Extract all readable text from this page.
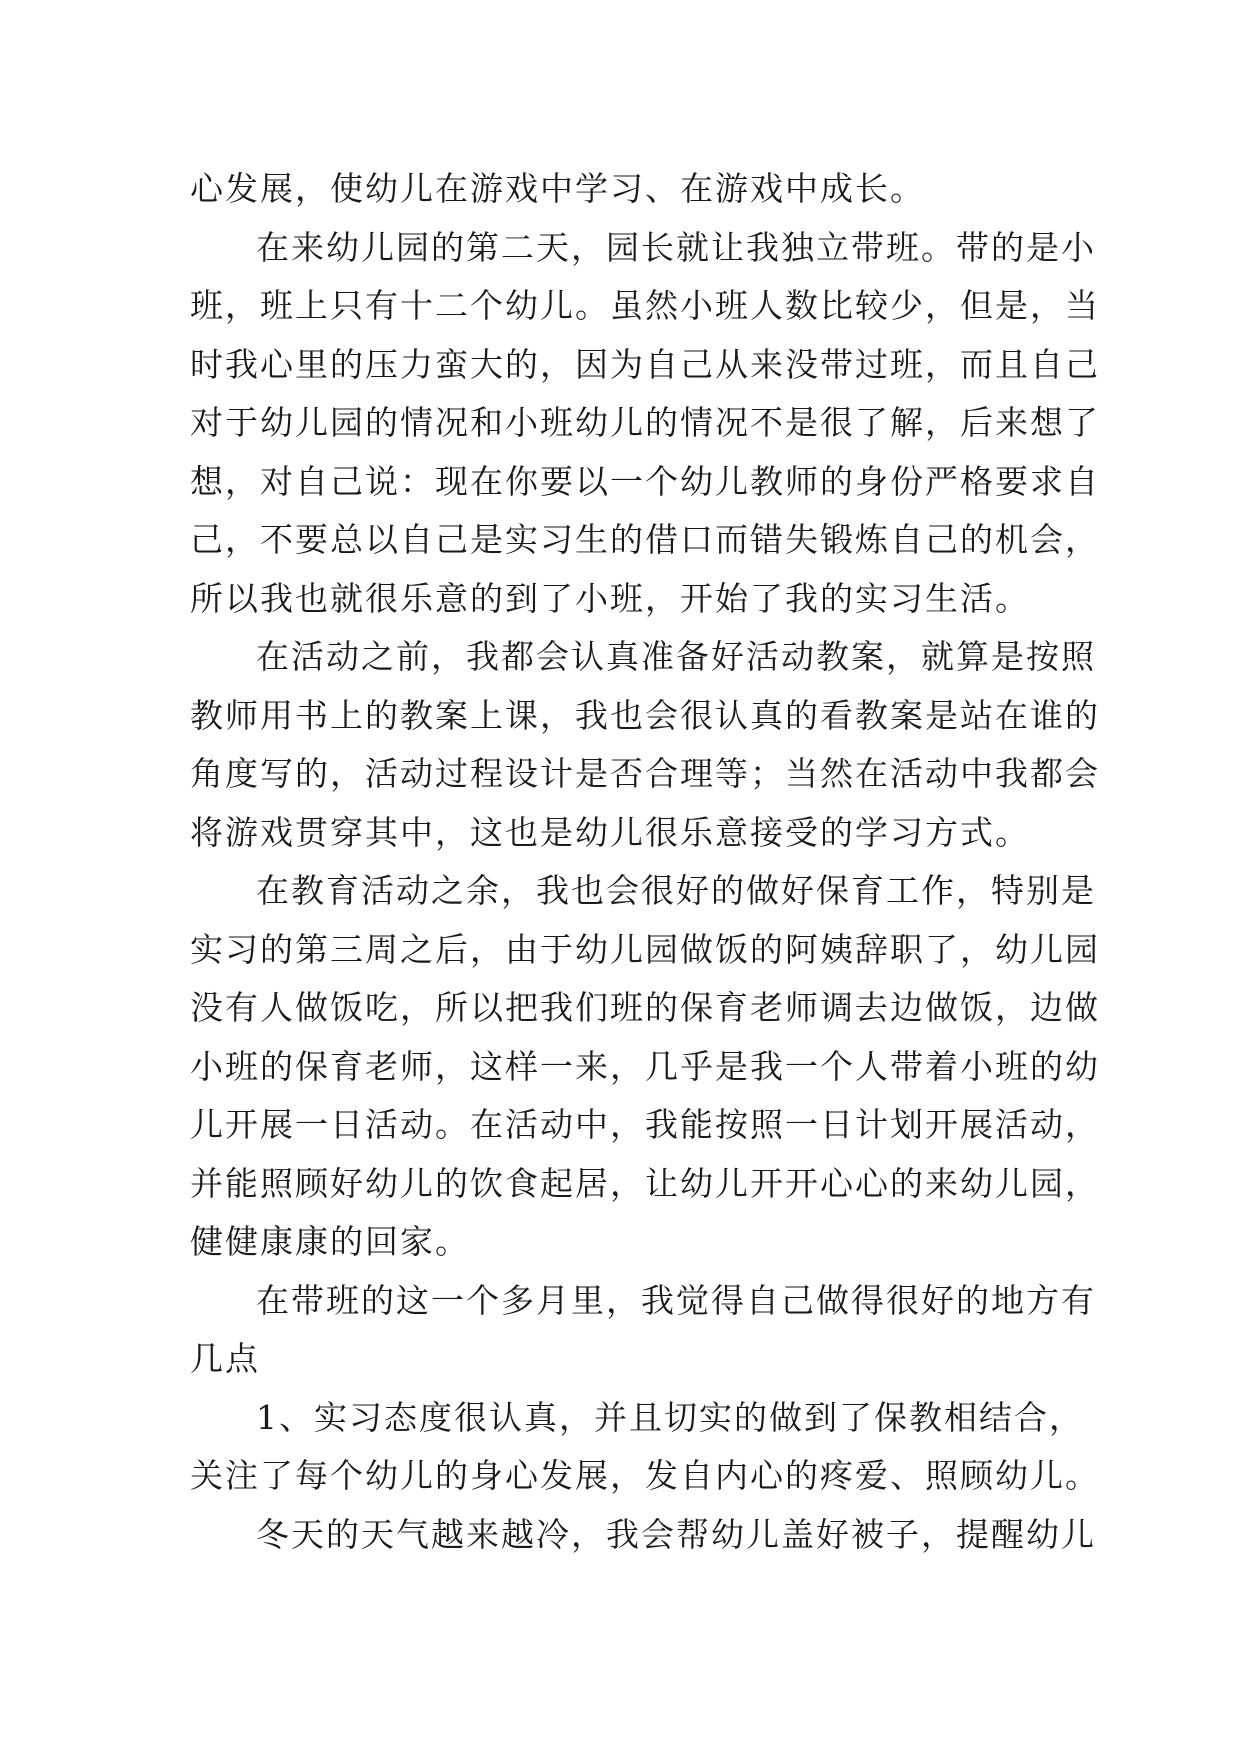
心发展，使幼儿在游戏中学习、在游戏中成长。
在来幼儿园的第二天，园长就让我独立带班。带的是小
班，班上只有十二个幼儿。虽然小班人数比较少，但是，当
时我心里的压力蛮大的，因为自己从来没带过班，而且自己
对于幼儿园的情况和小班幼儿的情况不是很了解，后来想了
想，对自己说：现在你要以一个幼儿教师的身份严格要求自
己，不要总以自己是实习生的借口而错失锻炼自己的机会，
所以我也就很乐意的到了小班，开始了我的实习生活。
在活动之前，我都会认真准备好活动教案，就算是按照
教师用书上的教案上课，我也会很认真的看教案是站在谁的
角度写的，活动过程设计是否合理等；当然在活动中我都会
将游戏贯穿其中，这也是幼儿很乐意接受的学习方式。
在教育活动之余，我也会很好的做好保育工作，特别是
实习的第三周之后，由于幼儿园做饭的阿姨辞职了，幼儿园
没有人做饭吃，所以把我们班的保育老师调去边做饭，边做
小班的保育老师，这样一来，几乎是我一个人带着小班的幼
儿开展一日活动。在活动中，我能按照一日计划开展活动，
并能照顾好幼儿的饮食起居，让幼儿开开心心的来幼儿园，
健健康康的回家。
在带班的这一个多月里，我觉得自己做得很好的地方有
几点
1、实习态度很认真，并且切实的做到了保教相结合，
关注了每个幼儿的身心发展，发自内心的疼爱、照顾幼儿。
冬天的天气越来越冷，我会帮幼儿盖好被子，提醒幼儿
